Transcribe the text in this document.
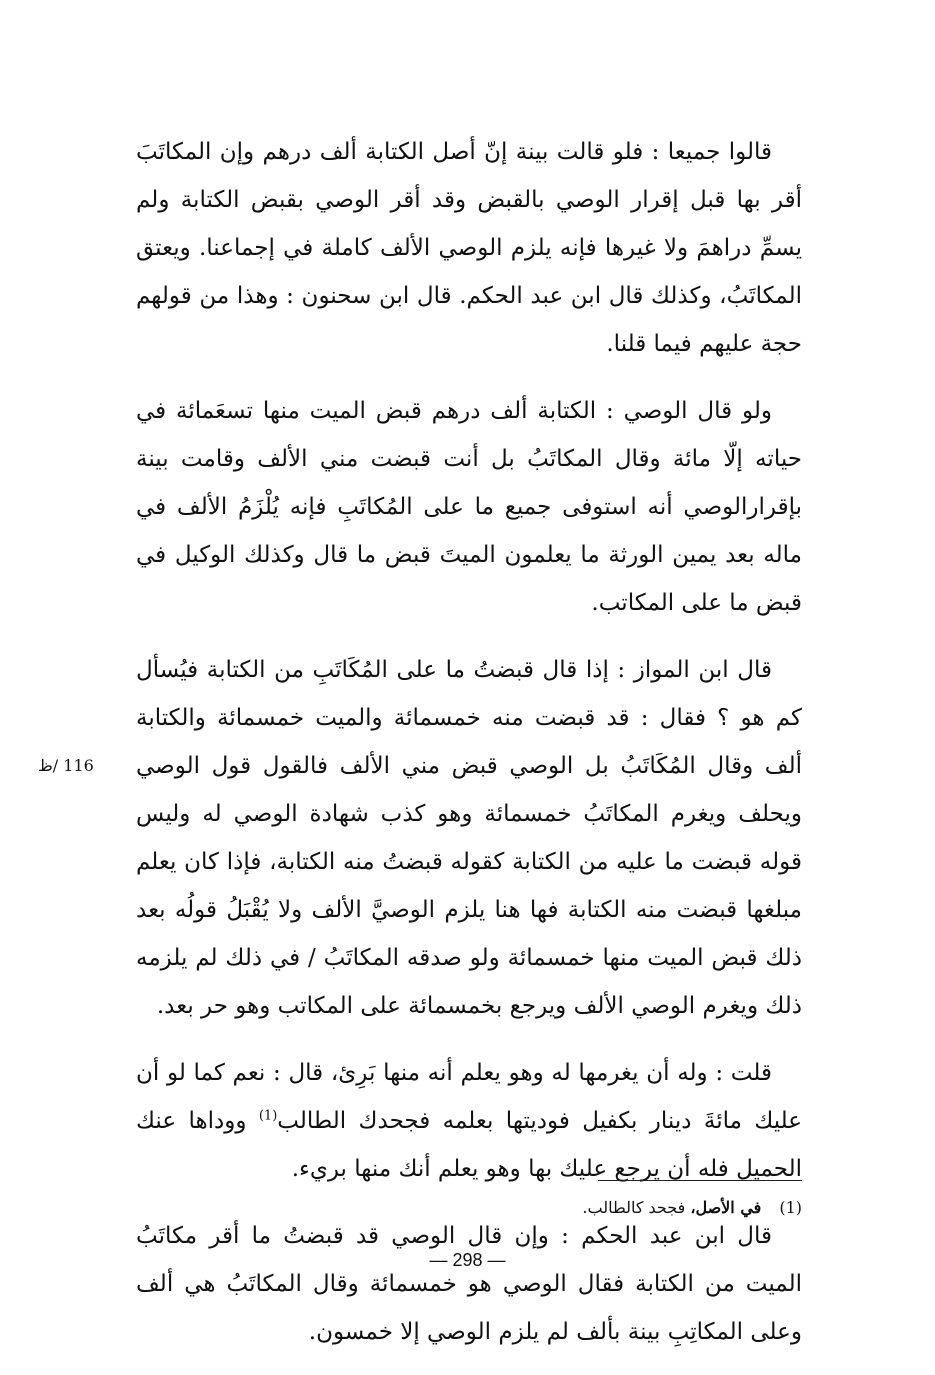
قالوا جميعا : فلو قالت بينة إنّ أصل الكتابة ألف درهم وإن المكاتَبَ أقر بها قبل إقرار الوصي بالقبض وقد أقر الوصي بقبض الكتابة ولم يسمِّ دراهمَ ولا غيرها فإنه يلزم الوصي الألف كاملة في إجماعنا. ويعتق المكاتَبُ، وكذلك قال ابن عبد الحكم. قال ابن سحنون : وهذا من قولهم حجة عليهم فيما قلنا.

ولو قال الوصي : الكتابة ألف درهم قبض الميت منها تسعَمائة في حياته إلّا مائة وقال المكاتَبُ بل أنت قبضت مني الألف وقامت بينة بإقرارالوصي أنه استوفى جميع ما على المُكاتَبِ فإنه يُلْزَمُ الألف في ماله بعد يمين الورثة ما يعلمون الميتَ قبض ما قال وكذلك الوكيل في قبض ما على المكاتب.

قال ابن المواز : إذا قال قبضتُ ما على المُكَاتَبِ من الكتابة فيُسأل كم هو ؟ فقال : قد قبضت منه خمسمائة والميت خمسمائة والكتابة ألف وقال المُكَاتَبُ بل الوصي قبض مني الألف فالقول قول الوصي ويحلف ويغرم المكاتَبُ خمسمائة وهو كذب شهادة الوصي له وليس قوله قبضت ما عليه من الكتابة كقوله قبضتُ منه الكتابة، فإذا كان يعلم مبلغها قبضت منه الكتابة فها هنا يلزم الوصيَّ الألف ولا يُقْبَلُ قولُه بعد ذلك قبض الميت منها خمسمائة ولو صدقه المكاتَبُ / في ذلك لم يلزمه ذلك ويغرم الوصي الألف ويرجع بخمسمائة على المكاتب وهو حر بعد.

قلت : وله أن يغرمها له وهو يعلم أنه منها بَرِئ، قال : نعم كما لو أن عليك مائةَ دينار بكفيل فوديتها بعلمه فجحدك الطالب$^{(1)}$ ووداها عنك الحميل فله أن يرجع عليك بها وهو يعلم أنك منها بريء.

قال ابن عبد الحكم : وإن قال الوصي قد قبضتُ ما أقر مكاتَبُ الميت من الكتابة فقال الوصي هو خمسمائة وقال المكاتَبُ هي ألف وعلى المكاتِبِ بينة بألف لم يلزم الوصي إلا خمسون.

116 /ظ
(1)في الأصل، فجحد كالطالب.
— 298 —
